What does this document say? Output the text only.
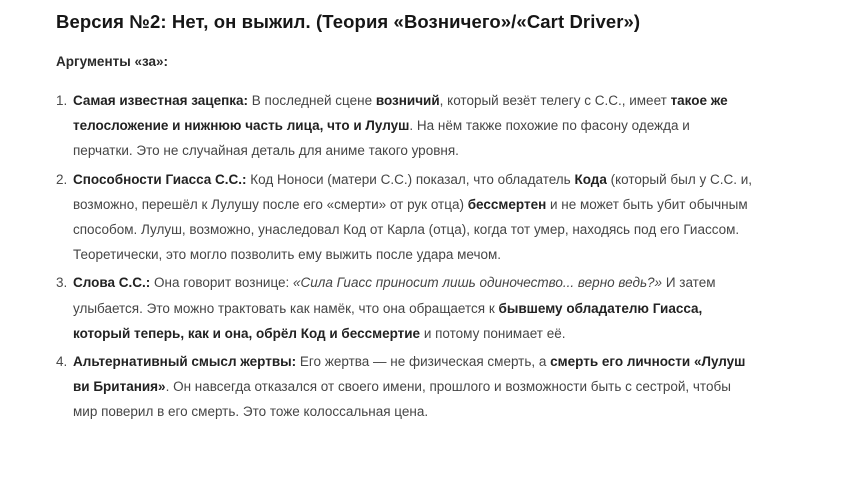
Версия №2: Нет, он выжил. (Теория «Возничего»/«Cart Driver»)

Аргументы «за»:

1. Самая известная зацепка: В последней сцене возничий, который везёт телегу с С.С., имеет такое же телосложение и нижнюю часть лица, что и Лулуш. На нём также похожие по фасону одежда и перчатки. Это не случайная деталь для аниме такого уровня.
2. Способности Гиасса С.С.: Код Нонoси (матери С.С.) показал, что обладатель Кода (который был у С.С. и, возможно, перешёл к Лулушу после его «смерти» от рук отца) бессмертен и не может быть убит обычным способом. Лулуш, возможно, унаследовал Код от Карла (отца), когда тот умер, находясь под его Гиассом. Теоретически, это могло позволить ему выжить после удара мечом.
3. Слова С.С.: Она говорит вознице: «Сила Гиасс приносит лишь одиночество... верно ведь?» И затем улыбается. Это можно трактовать как намёк, что она обращается к бывшему обладателю Гиасса, который теперь, как и она, обрёл Код и бессмертие и потому понимает её.
4. Альтернативный смысл жертвы: Его жертва — не физическая смерть, а смерть его личности «Лулуш ви Британия». Он навсегда отказался от своего имени, прошлого и возможности быть с сестрой, чтобы мир поверил в его смерть. Это тоже колоссальная цена.
